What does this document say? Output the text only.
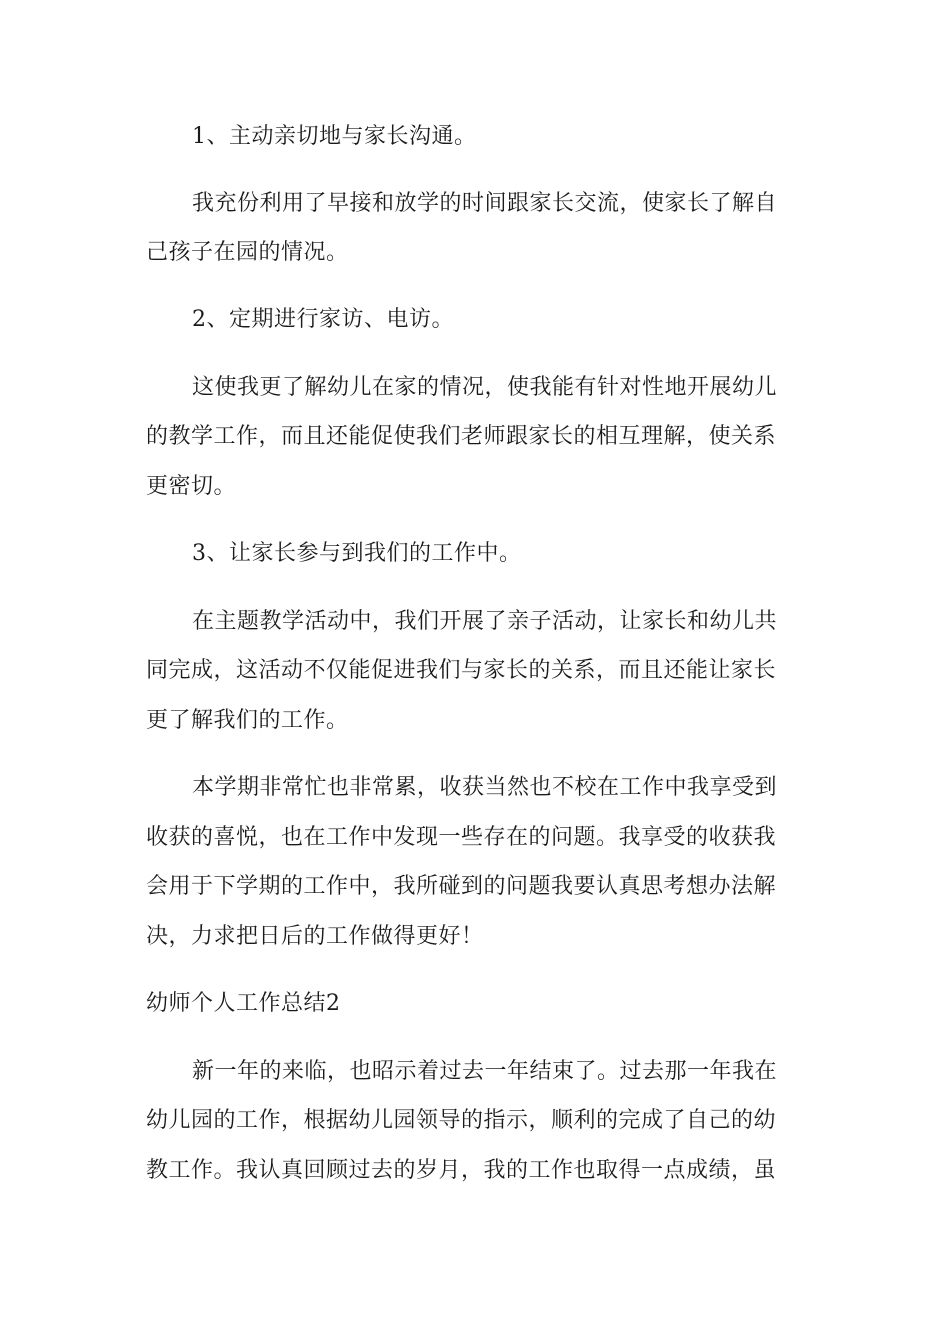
1、主动亲切地与家长沟通。
我充份利用了早接和放学的时间跟家长交流，使家长了解自
己孩子在园的情况。
2、定期进行家访、电访。
这使我更了解幼儿在家的情况，使我能有针对性地开展幼儿
的教学工作，而且还能促使我们老师跟家长的相互理解，使关系
更密切。
3、让家长参与到我们的工作中。
在主题教学活动中，我们开展了亲子活动，让家长和幼儿共
同完成，这活动不仅能促进我们与家长的关系，而且还能让家长
更了解我们的工作。
本学期非常忙也非常累，收获当然也不校在工作中我享受到
收获的喜悦，也在工作中发现一些存在的问题。我享受的收获我
会用于下学期的工作中，我所碰到的问题我要认真思考想办法解
决，力求把日后的工作做得更好！
幼师个人工作总结2
新一年的来临，也昭示着过去一年结束了。过去那一年我在
幼儿园的工作，根据幼儿园领导的指示，顺利的完成了自己的幼
教工作。我认真回顾过去的岁月，我的工作也取得一点成绩，虽
